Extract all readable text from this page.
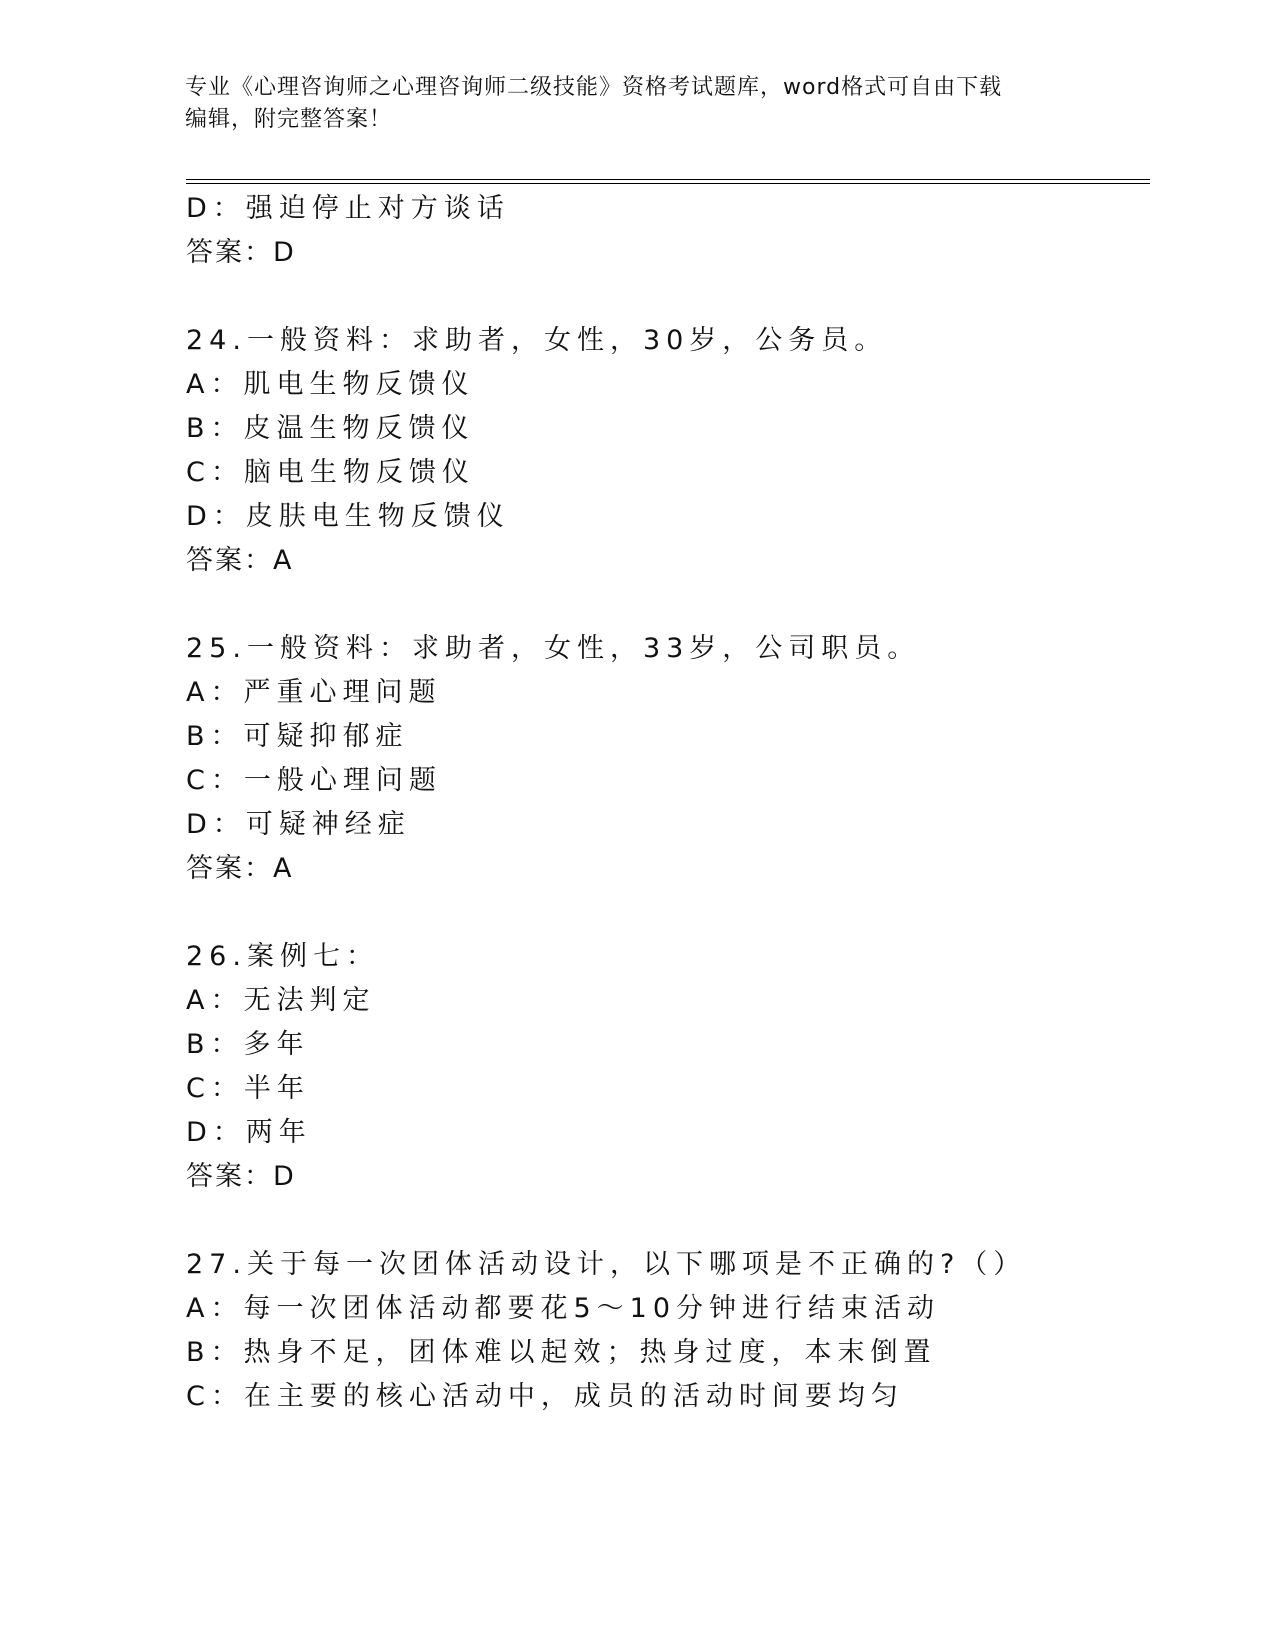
专业《心理咨询师之心理咨询师二级技能》资格考试题库，word格式可自由下载
编辑，附完整答案！
D：强迫停止对方谈话
答案：D
24.一般资料：求助者，女性，30岁，公务员。
A：肌电生物反馈仪
B：皮温生物反馈仪
C：脑电生物反馈仪
D：皮肤电生物反馈仪
答案：A
25.一般资料：求助者，女性，33岁，公司职员。
A：严重心理问题
B：可疑抑郁症
C：一般心理问题
D：可疑神经症
答案：A
26.案例七：
A：无法判定
B：多年
C：半年
D：两年
答案：D
27.关于每一次团体活动设计，以下哪项是不正确的?（）
A：每一次团体活动都要花5～10分钟进行结束活动
B：热身不足，团体难以起效；热身过度，本末倒置
C：在主要的核心活动中，成员的活动时间要均匀
